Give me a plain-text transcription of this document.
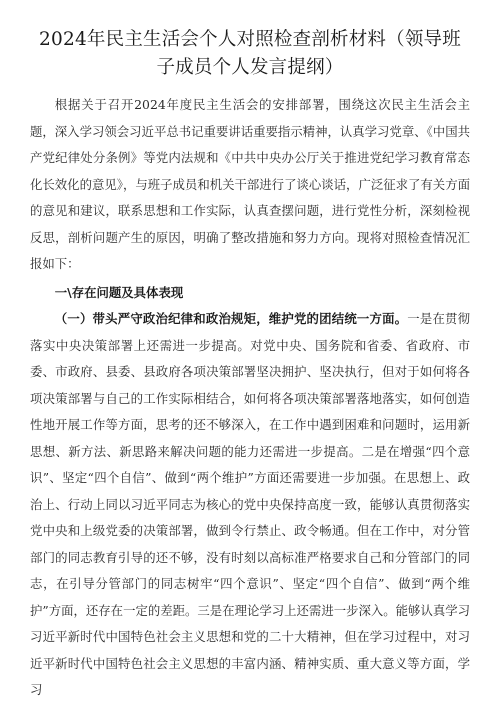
2024年民主生活会个人对照检查剖析材料（领导班子成员个人发言提纲）

根据关于召开2024年度民主生活会的安排部署，围绕这次民主生活会主题，深入学习领会习近平总书记重要讲话重要指示精神，认真学习党章、《中国共产党纪律处分条例》等党内法规和《中共中央办公厅关于推进党纪学习教育常态化长效化的意见》，与班子成员和机关干部进行了谈心谈话，广泛征求了有关方面的意见和建议，联系思想和工作实际，认真查摆问题，进行党性分析，深刻检视反思，剖析问题产生的原因，明确了整改措施和努力方向。现将对照检查情况汇报如下：

一\存在问题及具体表现

（一）带头严守政治纪律和政治规矩，维护党的团结统一方面。一是在贯彻落实中央决策部署上还需进一步提高。对党中央、国务院和省委、省政府、市委、市政府、县委、县政府各项决策部署坚决拥护、坚决执行，但对于如何将各项决策部署与自己的工作实际相结合，如何将各项决策部署落地落实，如何创造性地开展工作等方面，思考的还不够深入，在工作中遇到困难和问题时，运用新思想、新方法、新思路来解决问题的能力还需进一步提高。二是在增强“四个意识”、坚定“四个自信”、做到“两个维护”方面还需要进一步加强。在思想上、政治上、行动上同以习近平同志为核心的党中央保持高度一致，能够认真贯彻落实党中央和上级党委的决策部署，做到令行禁止、政令畅通。但在工作中，对分管部门的同志教育引导的还不够，没有时刻以高标准严格要求自己和分管部门的同志，在引导分管部门的同志树牢“四个意识”、坚定“四个自信”、做到“两个维护”方面，还存在一定的差距。三是在理论学习上还需进一步深入。能够认真学习习近平新时代中国特色社会主义思想和党的二十大精神，但在学习过程中，对习近平新时代中国特色社会主义思想的丰富内涵、精神实质、重大意义等方面，学习
